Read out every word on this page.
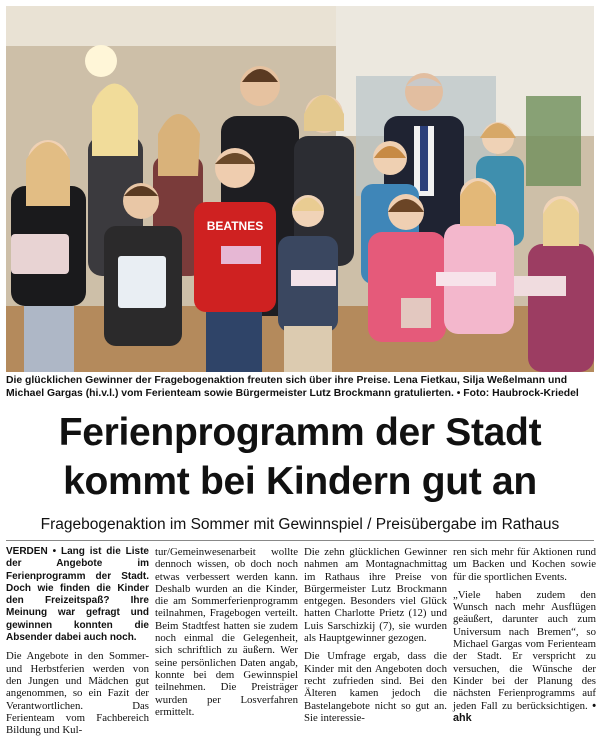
BEATNES
Die glücklichen Gewinner der Fragebogenaktion freuten sich über ihre Preise. Lena Fietkau, Silja Weßelmann und Michael Gargas (hi.v.l.) vom Ferienteam sowie Bürgermeister Lutz Brockmann gratulierten. • Foto: Haubrock-Kriedel
Ferienprogramm der Stadt
kommt bei Kindern gut an
Fragebogenaktion im Sommer mit Gewinnspiel / Preisübergabe im Rathaus

VERDEN • Lang ist die Liste der Angebote im Ferienprogramm der Stadt. Doch wie finden die Kinder den Freizeitspaß? Ihre Meinung war gefragt und gewinnen konnten die Absender dabei auch noch.

Die Angebote in den Sommer- und Herbstferien werden von den Jungen und Mädchen gut angenommen, so ein Fazit der Verantwortlichen. Das Ferienteam vom Fachbereich Bildung und Kul-

tur/Gemeinwesenarbeit wollte dennoch wissen, ob doch noch etwas verbessert werden kann. Deshalb wurden an die Kinder, die am Sommerferienprogramm teilnahmen, Fragebogen verteilt. Beim Stadtfest hatten sie zudem noch einmal die Gelegenheit, sich schriftlich zu äußern. Wer seine persönlichen Daten angab, konnte bei dem Gewinnspiel teilnehmen. Die Preisträger wurden per Losverfahren ermittelt.

Die zehn glücklichen Gewinner nahmen am Montagnachmittag im Rathaus ihre Preise von Bürgermeister Lutz Brockmann entgegen. Besonders viel Glück hatten Charlotte Prietz (12) und Luis Sarschizkij (7), sie wurden als Hauptgewinner gezogen.

Die Umfrage ergab, dass die Kinder mit den Angeboten doch recht zufrieden sind. Bei den Älteren kamen jedoch die Bastelangebote nicht so gut an. Sie interessie-

ren sich mehr für Aktionen rund um Backen und Kochen sowie für die sportlichen Events.

„Viele haben zudem den Wunsch nach mehr Ausflügen geäußert, darunter auch zum Universum nach Bremen“, so Michael Gargas vom Ferienteam der Stadt. Er verspricht zu versuchen, die Wünsche der Kinder bei der Planung des nächsten Ferienprogramms auf jeden Fall zu berücksichtigen. • ahk
